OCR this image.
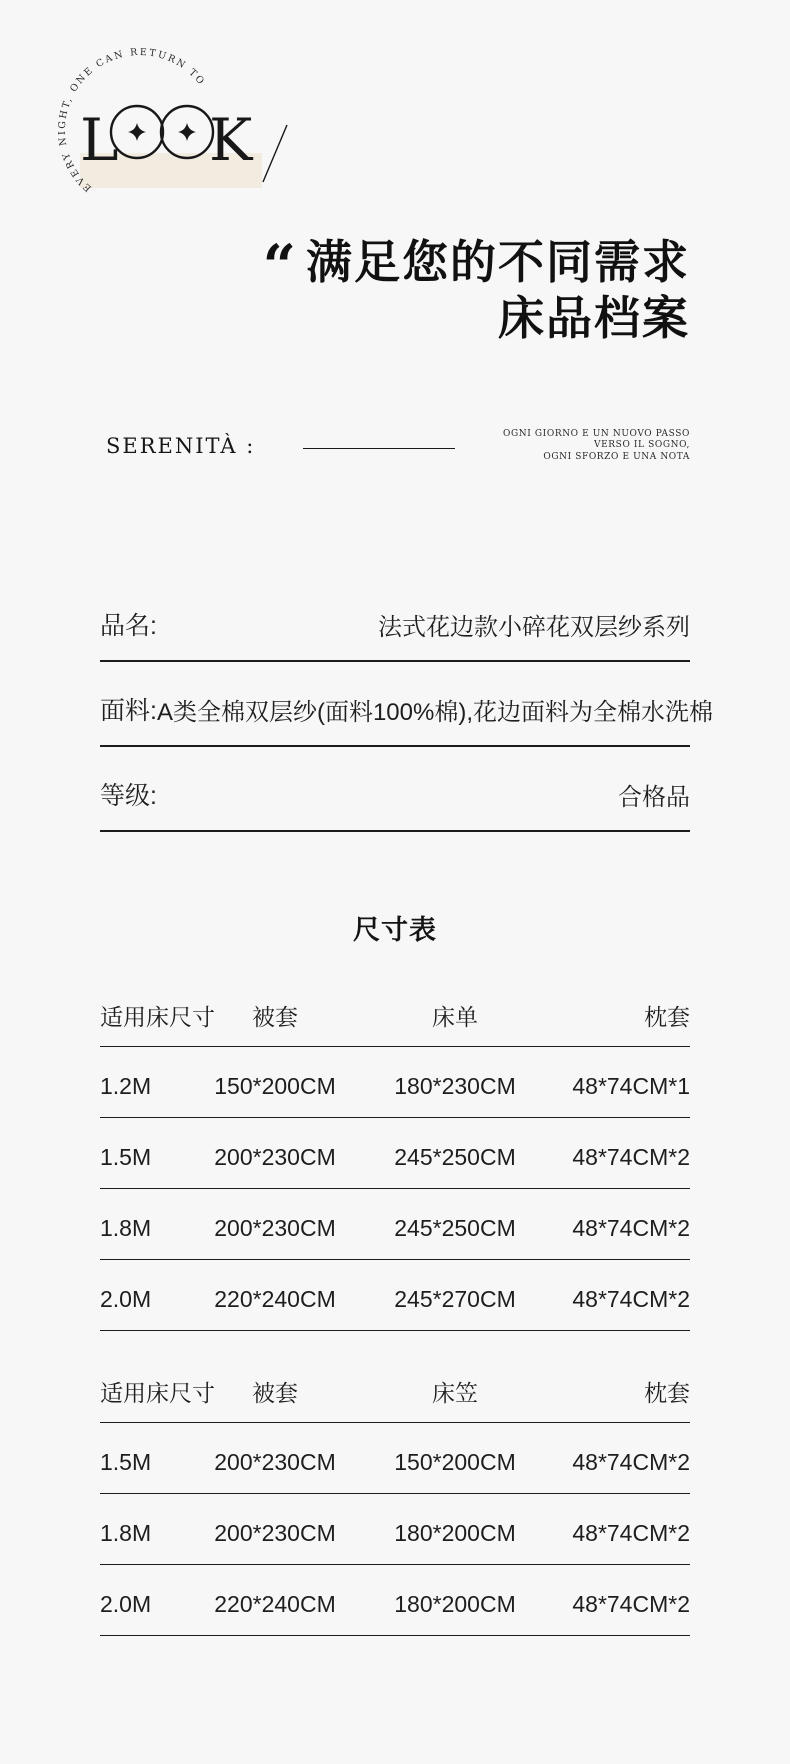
EVERY NIGHT, ONE CAN RETURN TO
L K
“ 满足您的不同需求
床品档案
SERENITÀ :
OGNI GIORNO E UN NUOVO PASSO
VERSO IL SOGNO,
OGNI SFORZO E UNA NOTA
品名:	法式花边款小碎花双层纱系列
面料: A类全棉双层纱(面料100%棉),花边面料为全棉水洗棉
等级:	合格品
尺寸表
适用床尺寸	被套	床单	枕套
1.2M	150*200CM	180*230CM	48*74CM*1
1.5M	200*230CM	245*250CM	48*74CM*2
1.8M	200*230CM	245*250CM	48*74CM*2
2.0M	220*240CM	245*270CM	48*74CM*2
适用床尺寸	被套	床笠	枕套
1.5M	200*230CM	150*200CM	48*74CM*2
1.8M	200*230CM	180*200CM	48*74CM*2
2.0M	220*240CM	180*200CM	48*74CM*2
